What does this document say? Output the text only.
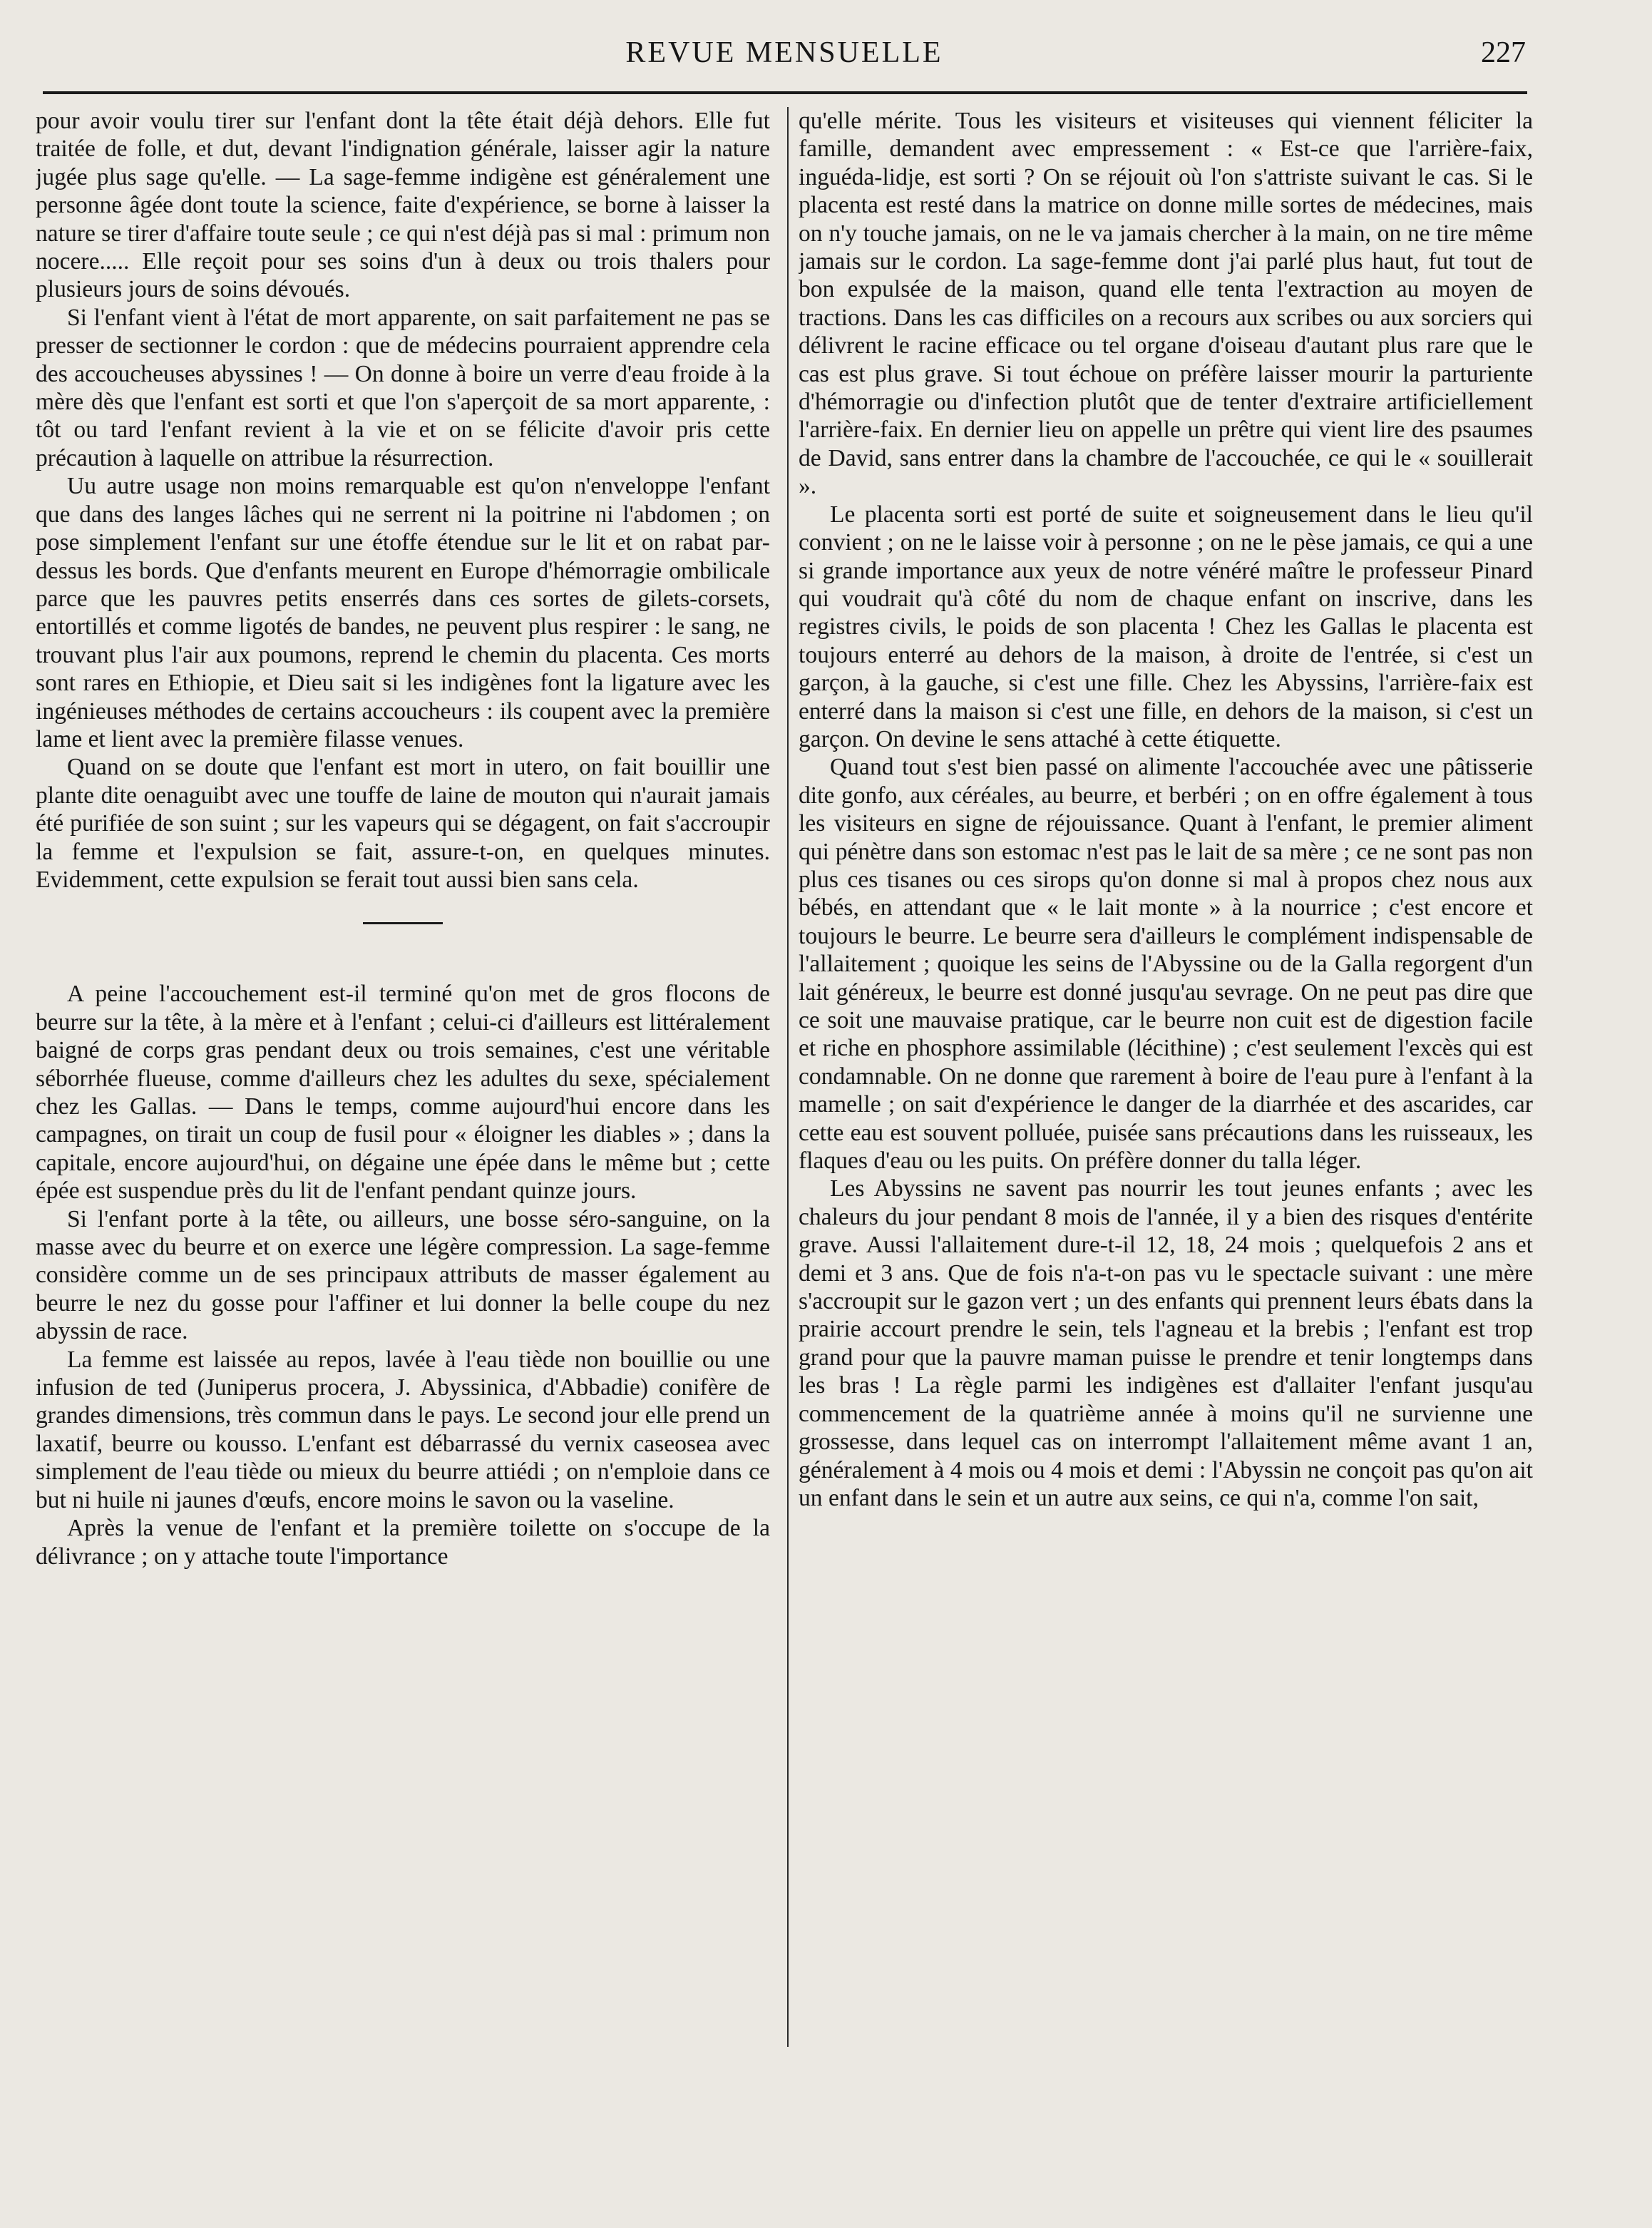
REVUE MENSUELLE	227

pour avoir voulu tirer sur l'enfant dont la tête était déjà dehors. Elle fut traitée de folle, et dut, devant l'indignation générale, laisser agir la nature jugée plus sage qu'elle. — La sage-femme indigène est généralement une personne âgée dont toute la science, faite d'expérience, se borne à laisser la nature se tirer d'affaire toute seule ; ce qui n'est déjà pas si mal : primum non nocere..... Elle reçoit pour ses soins d'un à deux ou trois thalers pour plusieurs jours de soins dévoués.

Si l'enfant vient à l'état de mort apparente, on sait parfaitement ne pas se presser de sectionner le cordon : que de médecins pourraient apprendre cela des accoucheuses abyssines ! — On donne à boire un verre d'eau froide à la mère dès que l'enfant est sorti et que l'on s'aperçoit de sa mort apparente, : tôt ou tard l'enfant revient à la vie et on se félicite d'avoir pris cette précaution à laquelle on attribue la résurrection.

Uu autre usage non moins remarquable est qu'on n'enveloppe l'enfant que dans des langes lâches qui ne serrent ni la poitrine ni l'abdomen ; on pose simplement l'enfant sur une étoffe étendue sur le lit et on rabat par-dessus les bords. Que d'enfants meurent en Europe d'hémorragie ombilicale parce que les pauvres petits enserrés dans ces sortes de gilets-corsets, entortillés et comme ligotés de bandes, ne peuvent plus respirer : le sang, ne trouvant plus l'air aux poumons, reprend le chemin du placenta. Ces morts sont rares en Ethiopie, et Dieu sait si les indigènes font la ligature avec les ingénieuses méthodes de certains accoucheurs : ils coupent avec la première lame et lient avec la première filasse venues.

Quand on se doute que l'enfant est mort in utero, on fait bouillir une plante dite oenaguibt avec une touffe de laine de mouton qui n'aurait jamais été purifiée de son suint ; sur les vapeurs qui se dégagent, on fait s'accroupir la femme et l'expulsion se fait, assure-t-on, en quelques minutes. Evidemment, cette expulsion se ferait tout aussi bien sans cela.

A peine l'accouchement est-il terminé qu'on met de gros flocons de beurre sur la tête, à la mère et à l'enfant ; celui-ci d'ailleurs est littéralement baigné de corps gras pendant deux ou trois semaines, c'est une véritable séborrhée flueuse, comme d'ailleurs chez les adultes du sexe, spécialement chez les Gallas. — Dans le temps, comme aujourd'hui encore dans les campagnes, on tirait un coup de fusil pour « éloigner les diables » ; dans la capitale, encore aujourd'hui, on dégaine une épée dans le même but ; cette épée est suspendue près du lit de l'enfant pendant quinze jours.

Si l'enfant porte à la tête, ou ailleurs, une bosse séro-sanguine, on la masse avec du beurre et on exerce une légère compression. La sage-femme considère comme un de ses principaux attributs de masser également au beurre le nez du gosse pour l'affiner et lui donner la belle coupe du nez abyssin de race.

La femme est laissée au repos, lavée à l'eau tiède non bouillie ou une infusion de ted (Juniperus procera, J. Abyssinica, d'Abbadie) conifère de grandes dimensions, très commun dans le pays. Le second jour elle prend un laxatif, beurre ou kousso. L'enfant est débarrassé du vernix caseosea avec simplement de l'eau tiède ou mieux du beurre attiédi ; on n'emploie dans ce but ni huile ni jaunes d'œufs, encore moins le savon ou la vaseline.

Après la venue de l'enfant et la première toilette on s'occupe de la délivrance ; on y attache toute l'importance

qu'elle mérite. Tous les visiteurs et visiteuses qui viennent féliciter la famille, demandent avec empressement : « Est-ce que l'arrière-faix, inguéda-lidje, est sorti ? On se réjouit où l'on s'attriste suivant le cas. Si le placenta est resté dans la matrice on donne mille sortes de médecines, mais on n'y touche jamais, on ne le va jamais chercher à la main, on ne tire même jamais sur le cordon. La sage-femme dont j'ai parlé plus haut, fut tout de bon expulsée de la maison, quand elle tenta l'extraction au moyen de tractions. Dans les cas difficiles on a recours aux scribes ou aux sorciers qui délivrent le racine efficace ou tel organe d'oiseau d'autant plus rare que le cas est plus grave. Si tout échoue on préfère laisser mourir la parturiente d'hémorragie ou d'infection plutôt que de tenter d'extraire artificiellement l'arrière-faix. En dernier lieu on appelle un prêtre qui vient lire des psaumes de David, sans entrer dans la chambre de l'accouchée, ce qui le « souillerait ».

Le placenta sorti est porté de suite et soigneusement dans le lieu qu'il convient ; on ne le laisse voir à personne ; on ne le pèse jamais, ce qui a une si grande importance aux yeux de notre vénéré maître le professeur Pinard qui voudrait qu'à côté du nom de chaque enfant on inscrive, dans les registres civils, le poids de son placenta ! Chez les Gallas le placenta est toujours enterré au dehors de la maison, à droite de l'entrée, si c'est un garçon, à la gauche, si c'est une fille. Chez les Abyssins, l'arrière-faix est enterré dans la maison si c'est une fille, en dehors de la maison, si c'est un garçon. On devine le sens attaché à cette étiquette.

Quand tout s'est bien passé on alimente l'accouchée avec une pâtisserie dite gonfo, aux céréales, au beurre, et berbéri ; on en offre également à tous les visiteurs en signe de réjouissance. Quant à l'enfant, le premier aliment qui pénètre dans son estomac n'est pas le lait de sa mère ; ce ne sont pas non plus ces tisanes ou ces sirops qu'on donne si mal à propos chez nous aux bébés, en attendant que « le lait monte » à la nourrice ; c'est encore et toujours le beurre. Le beurre sera d'ailleurs le complément indispensable de l'allaitement ; quoique les seins de l'Abyssine ou de la Galla regorgent d'un lait généreux, le beurre est donné jusqu'au sevrage. On ne peut pas dire que ce soit une mauvaise pratique, car le beurre non cuit est de digestion facile et riche en phosphore assimilable (lécithine) ; c'est seulement l'excès qui est condamnable. On ne donne que rarement à boire de l'eau pure à l'enfant à la mamelle ; on sait d'expérience le danger de la diarrhée et des ascarides, car cette eau est souvent polluée, puisée sans précautions dans les ruisseaux, les flaques d'eau ou les puits. On préfère donner du talla léger.

Les Abyssins ne savent pas nourrir les tout jeunes enfants ; avec les chaleurs du jour pendant 8 mois de l'année, il y a bien des risques d'entérite grave. Aussi l'allaitement dure-t-il 12, 18, 24 mois ; quelquefois 2 ans et demi et 3 ans. Que de fois n'a-t-on pas vu le spectacle suivant : une mère s'accroupit sur le gazon vert ; un des enfants qui prennent leurs ébats dans la prairie accourt prendre le sein, tels l'agneau et la brebis ; l'enfant est trop grand pour que la pauvre maman puisse le prendre et tenir longtemps dans les bras ! La règle parmi les indigènes est d'allaiter l'enfant jusqu'au commencement de la quatrième année à moins qu'il ne survienne une grossesse, dans lequel cas on interrompt l'allaitement même avant 1 an, généralement à 4 mois ou 4 mois et demi : l'Abyssin ne conçoit pas qu'on ait un enfant dans le sein et un autre aux seins, ce qui n'a, comme l'on sait,
